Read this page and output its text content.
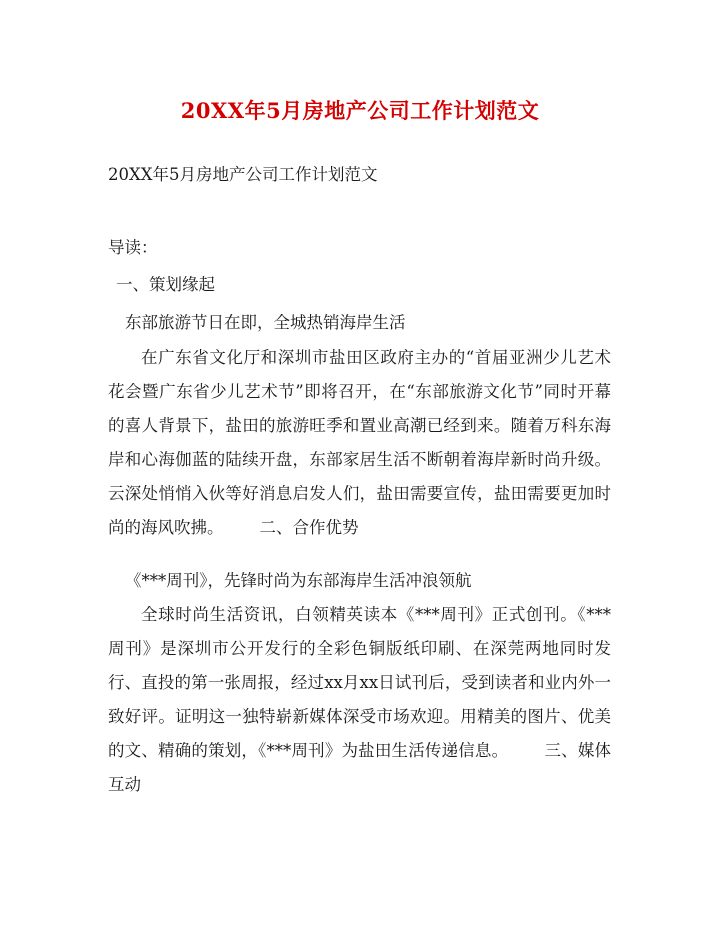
20XX年5月房地产公司工作计划范文

20XX年5月房地产公司工作计划范文

导读：

一、策划缘起

东部旅游节日在即，全城热销海岸生活

在广东省文化厅和深圳市盐田区政府主办的“首届亚洲少儿艺术花会暨广东省少儿艺术节”即将召开，在“东部旅游文化节”同时开幕的喜人背景下，盐田的旅游旺季和置业高潮已经到来。随着万科东海岸和心海伽蓝的陆续开盘，东部家居生活不断朝着海岸新时尚升级。云深处悄悄入伙等好消息启发人们，盐田需要宣传，盐田需要更加时尚的海风吹拂。 二、合作优势

《***周刊》，先锋时尚为东部海岸生活冲浪领航

全球时尚生活资讯，白领精英读本《***周刊》正式创刊。《***周刊》是深圳市公开发行的全彩色铜版纸印刷、在深莞两地同时发行、直投的第一张周报，经过xx月xx日试刊后，受到读者和业内外一致好评。证明这一独特崭新媒体深受市场欢迎。用精美的图片、优美的文、精确的策划，《***周刊》为盐田生活传递信息。 三、媒体互动
